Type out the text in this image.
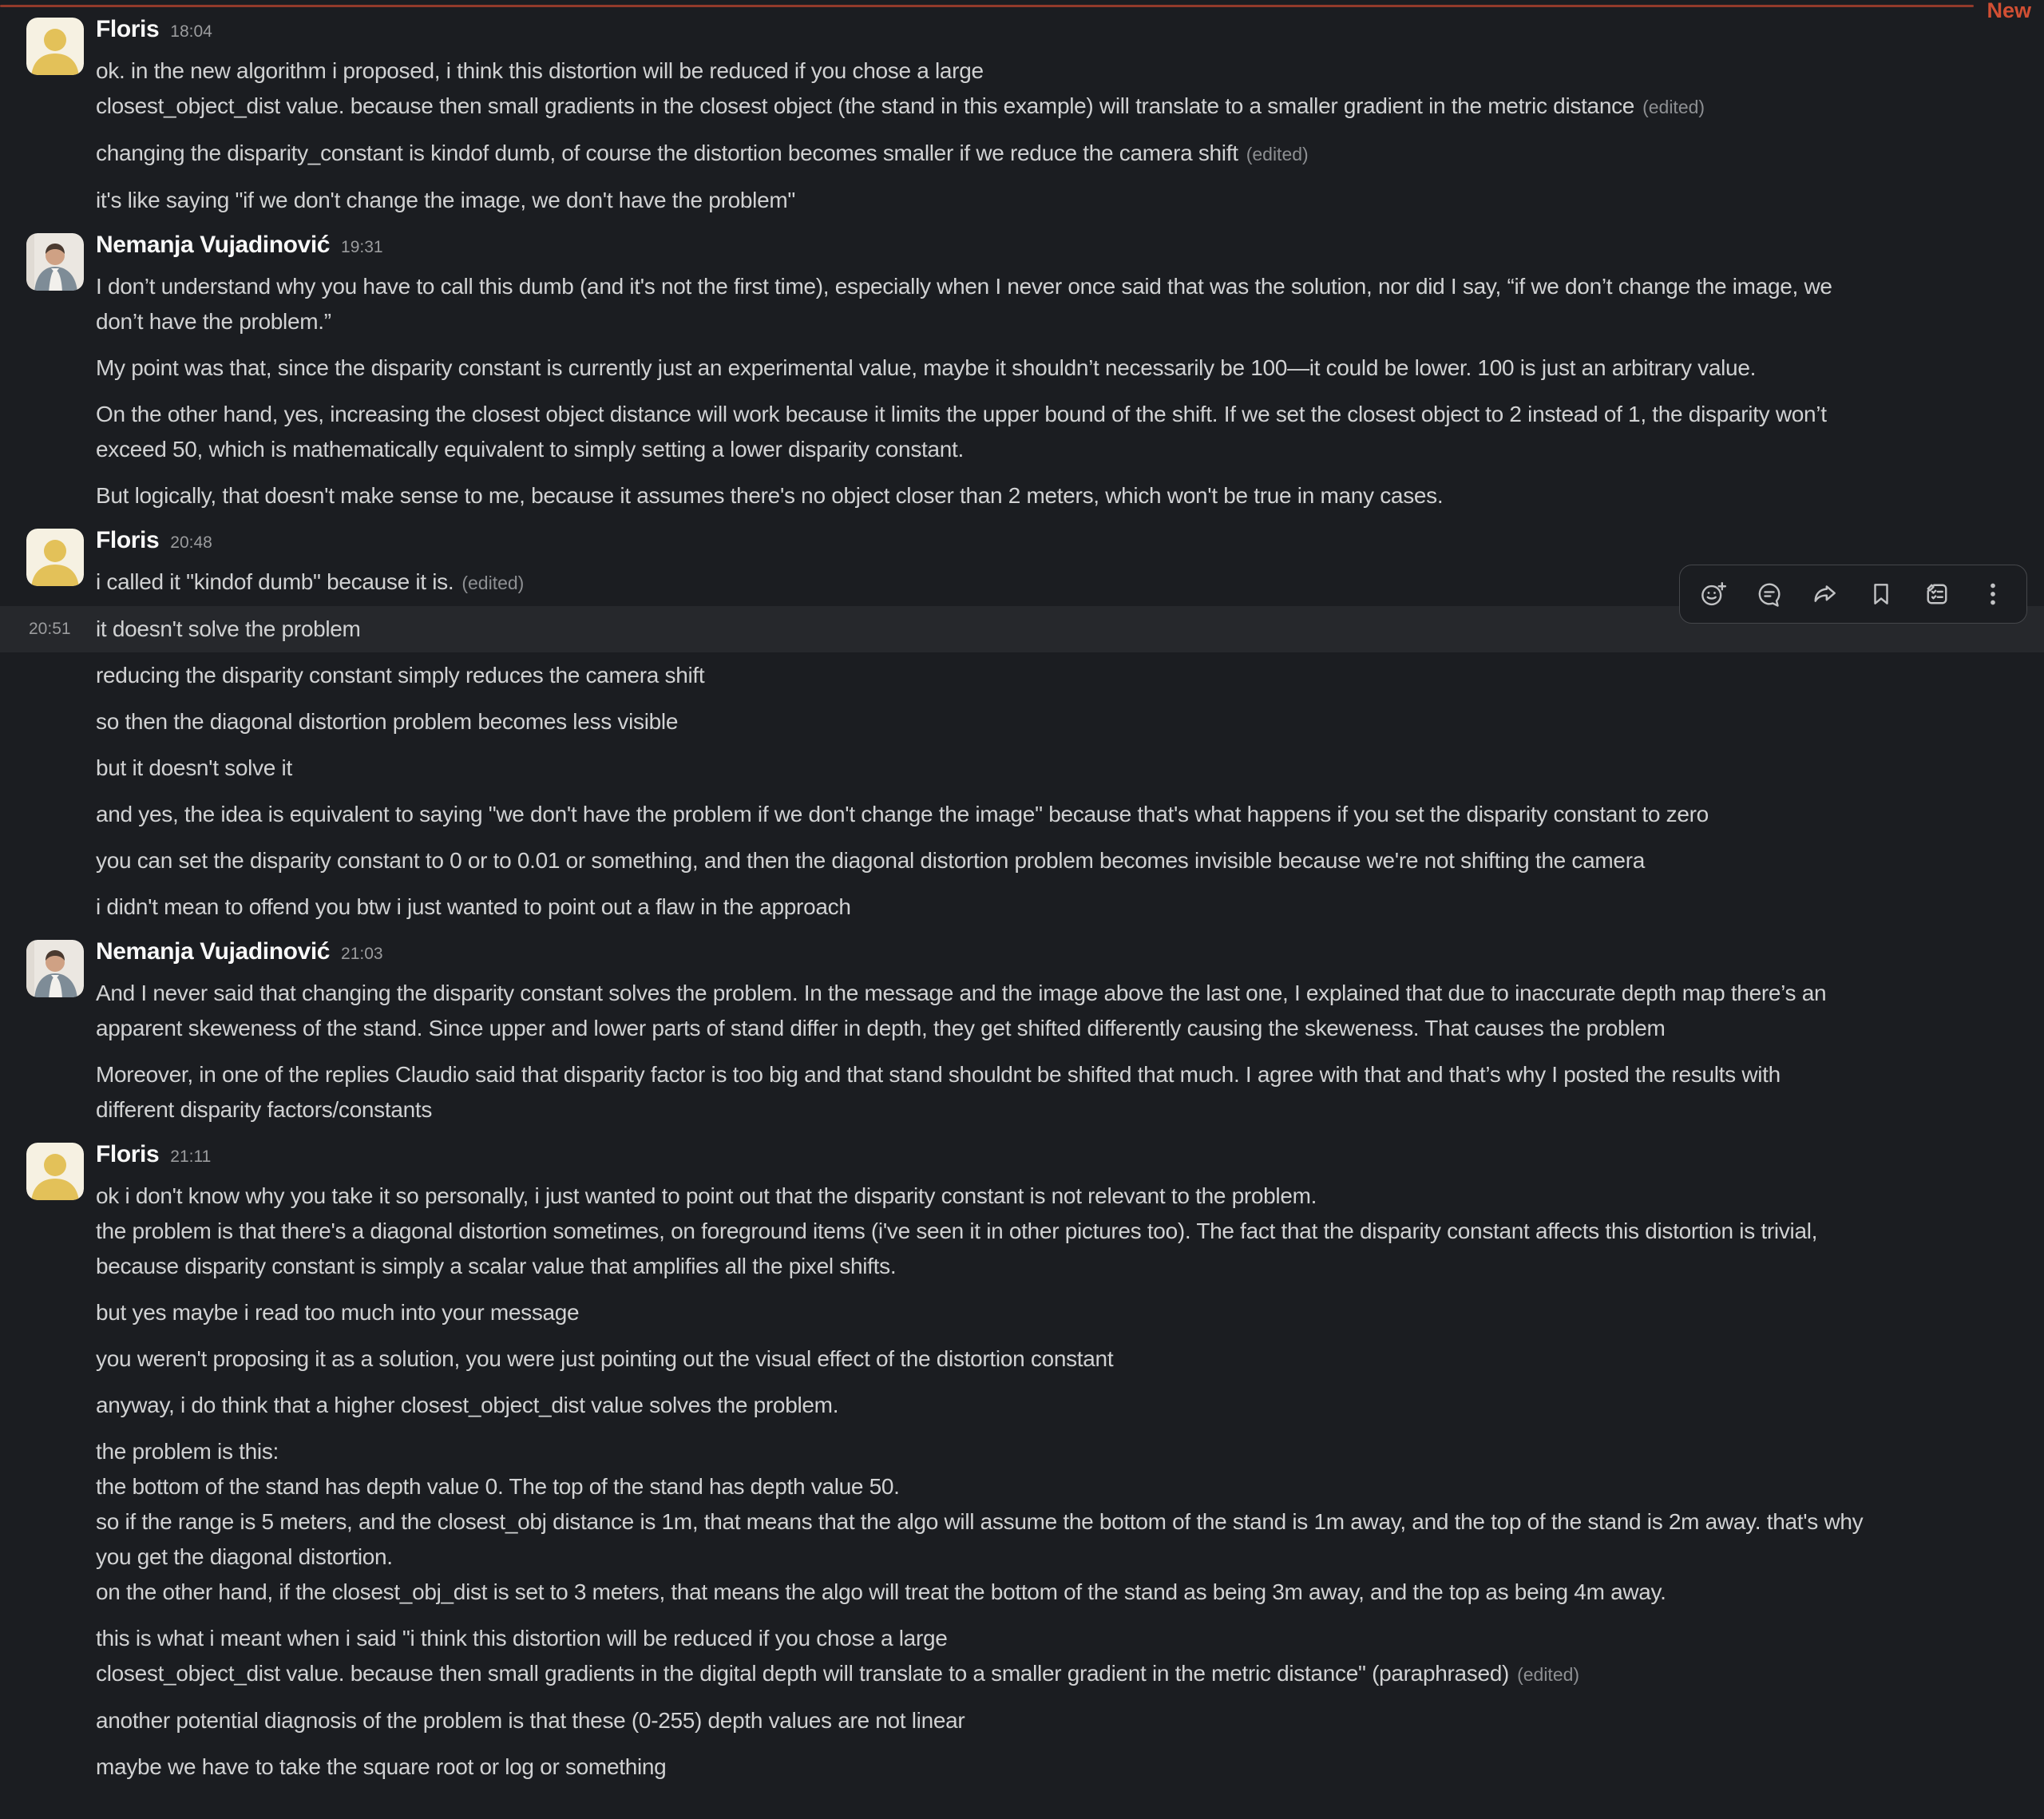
New
Floris 18:04
ok. in the new algorithm i proposed, i think this distortion will be reduced if you chose a large
closest_object_dist value. because then small gradients in the closest object (the stand in this example) will translate to a smaller gradient in the metric distance (edited)
changing the disparity_constant is kindof dumb, of course the distortion becomes smaller if we reduce the camera shift (edited)
it's like saying "if we don't change the image, we don't have the problem"
Nemanja Vujadinović 19:31
I don’t understand why you have to call this dumb (and it's not the first time), especially when I never once said that was the solution, nor did I say, “if we don’t change the image, we
don’t have the problem.”
My point was that, since the disparity constant is currently just an experimental value, maybe it shouldn’t necessarily be 100—it could be lower. 100 is just an arbitrary value.
On the other hand, yes, increasing the closest object distance will work because it limits the upper bound of the shift. If we set the closest object to 2 instead of 1, the disparity won’t
exceed 50, which is mathematically equivalent to simply setting a lower disparity constant.
But logically, that doesn't make sense to me, because it assumes there's no object closer than 2 meters, which won't be true in many cases.
Floris 20:48
i called it "kindof dumb" because it is. (edited)
20:51 it doesn't solve the problem
reducing the disparity constant simply reduces the camera shift
so then the diagonal distortion problem becomes less visible
but it doesn't solve it
and yes, the idea is equivalent to saying "we don't have the problem if we don't change the image" because that's what happens if you set the disparity constant to zero
you can set the disparity constant to 0 or to 0.01 or something, and then the diagonal distortion problem becomes invisible because we're not shifting the camera
i didn't mean to offend you btw i just wanted to point out a flaw in the approach
Nemanja Vujadinović 21:03
And I never said that changing the disparity constant solves the problem. In the message and the image above the last one, I explained that due to inaccurate depth map there’s an
apparent skeweness of the stand. Since upper and lower parts of stand differ in depth, they get shifted differently causing the skeweness. That causes the problem
Moreover, in one of the replies Claudio said that disparity factor is too big and that stand shouldnt be shifted that much. I agree with that and that’s why I posted the results with
different disparity factors/constants
Floris 21:11
ok i don't know why you take it so personally, i just wanted to point out that the disparity constant is not relevant to the problem.
the problem is that there's a diagonal distortion sometimes, on foreground items (i've seen it in other pictures too). The fact that the disparity constant affects this distortion is trivial,
because disparity constant is simply a scalar value that amplifies all the pixel shifts.
but yes maybe i read too much into your message
you weren't proposing it as a solution, you were just pointing out the visual effect of the distortion constant
anyway, i do think that a higher closest_object_dist value solves the problem.
the problem is this:
the bottom of the stand has depth value 0. The top of the stand has depth value 50.
so if the range is 5 meters, and the closest_obj distance is 1m, that means that the algo will assume the bottom of the stand is 1m away, and the top of the stand is 2m away. that's why
you get the diagonal distortion.
on the other hand, if the closest_obj_dist is set to 3 meters, that means the algo will treat the bottom of the stand as being 3m away, and the top as being 4m away.
this is what i meant when i said "i think this distortion will be reduced if you chose a large
closest_object_dist value. because then small gradients in the digital depth will translate to a smaller gradient in the metric distance" (paraphrased) (edited)
another potential diagnosis of the problem is that these (0-255) depth values are not linear
maybe we have to take the square root or log or something
